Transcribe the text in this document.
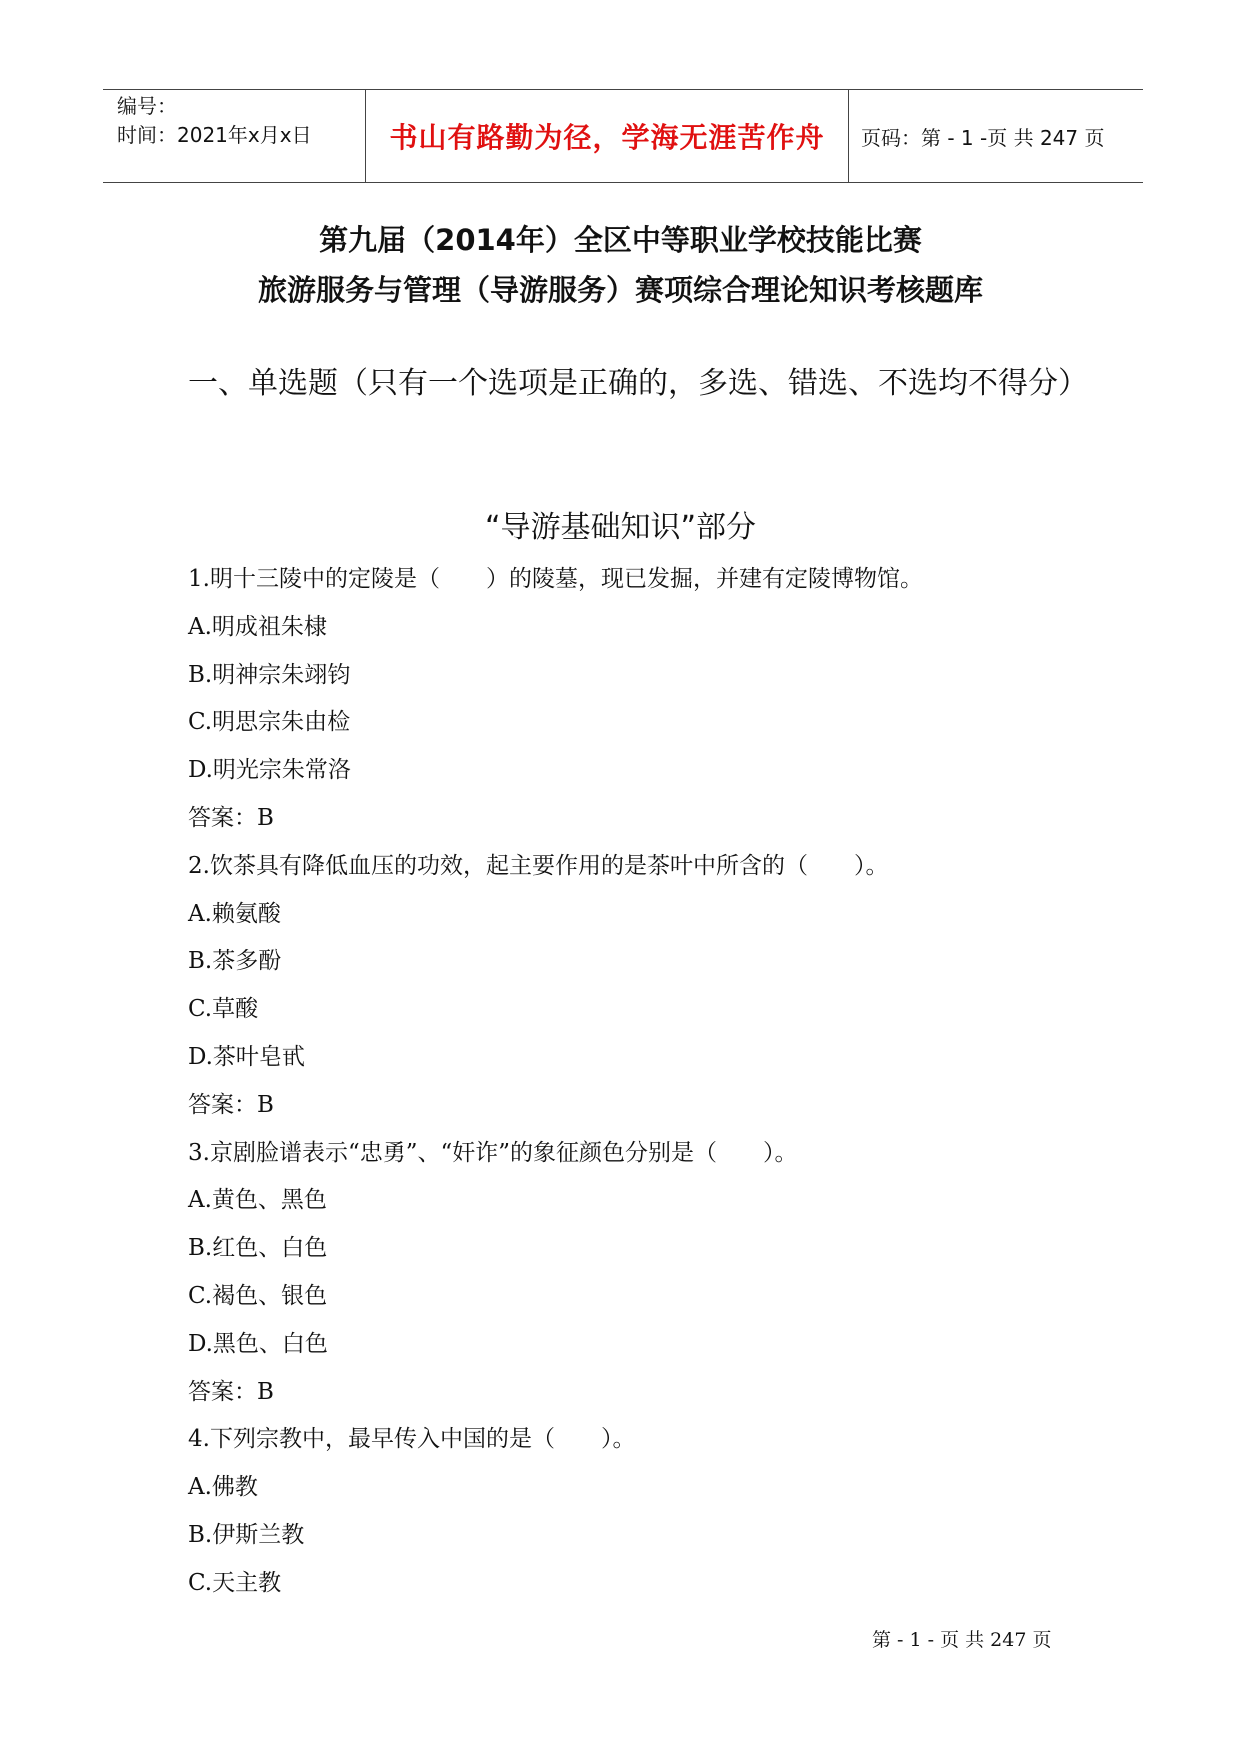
编号：
时间：2021年x月x日	书山有路勤为径，学海无涯苦作舟	页码：第 - 1 -页 共 247 页
第九届（2014年）全区中等职业学校技能比赛
旅游服务与管理（导游服务）赛项综合理论知识考核题库
一、单选题（只有一个选项是正确的，多选、错选、不选均不得分）
“导游基础知识”部分
1.明十三陵中的定陵是（　　）的陵墓，现已发掘，并建有定陵博物馆。
A.明成祖朱棣
B.明神宗朱翊钧
C.明思宗朱由检
D.明光宗朱常洛
答案：B
2.饮茶具有降低血压的功效，起主要作用的是茶叶中所含的（　　）。
A.赖氨酸
B.茶多酚
C.草酸
D.茶叶皂甙
答案：B
3.京剧脸谱表示“忠勇”、“奸诈”的象征颜色分别是（　　）。
A.黄色、黑色
B.红色、白色
C.褐色、银色
D.黑色、白色
答案：B
4.下列宗教中，最早传入中国的是（　　）。
A.佛教
B.伊斯兰教
C.天主教
第 - 1 - 页 共 247 页
